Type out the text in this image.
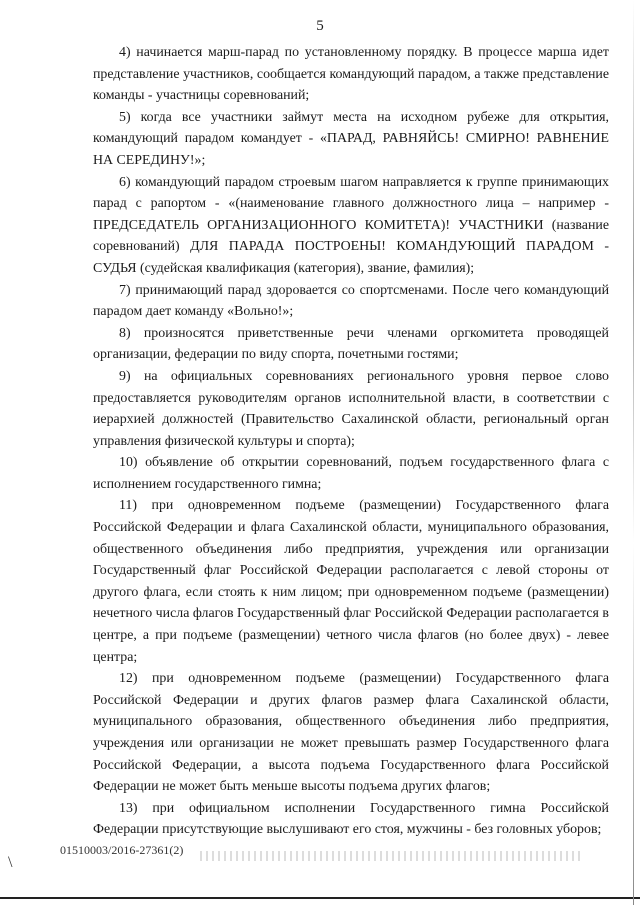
5

4) начинается марш-парад по установленному порядку. В процессе марша идет представление участников, сообщается командующий парадом, а также представление команды - участницы соревнований;

5) когда все участники займут места на исходном рубеже для открытия, командующий парадом командует - «ПАРАД, РАВНЯЙСЬ! СМИРНО! РАВНЕНИЕ НА СЕРЕДИНУ!»;

6) командующий парадом строевым шагом направляется к группе принимающих парад с рапортом - «(наименование главного должностного лица – например - ПРЕДСЕДАТЕЛЬ ОРГАНИЗАЦИОННОГО КОМИТЕТА)! УЧАСТНИКИ (название соревнований) ДЛЯ ПАРАДА ПОСТРОЕНЫ! КОМАНДУЮЩИЙ ПАРАДОМ - СУДЬЯ (судейская квалификация (категория), звание, фамилия);

7) принимающий парад здоровается со спортсменами. После чего командующий парадом дает команду «Вольно!»;

8) произносятся приветственные речи членами оргкомитета проводящей организации, федерации по виду спорта, почетными гостями;

9) на официальных соревнованиях регионального уровня первое слово предоставляется руководителям органов исполнительной власти, в соответствии с иерархией должностей (Правительство Сахалинской области, региональный орган управления физической культуры и спорта);

10) объявление об открытии соревнований, подъем государственного флага с исполнением государственного гимна;

11) при одновременном подъеме (размещении) Государственного флага Российской Федерации и флага Сахалинской области, муниципального образования, общественного объединения либо предприятия, учреждения или организации Государственный флаг Российской Федерации располагается с левой стороны от другого флага, если стоять к ним лицом; при одновременном подъеме (размещении) нечетного числа флагов Государственный флаг Российской Федерации располагается в центре, а при подъеме (размещении) четного числа флагов (но более двух) - левее центра;

12) при одновременном подъеме (размещении) Государственного флага Российской Федерации и других флагов размер флага Сахалинской области, муниципального образования, общественного объединения либо предприятия, учреждения или организации не может превышать размер Государственного флага Российской Федерации, а высота подъема Государственного флага Российской Федерации не может быть меньше высоты подъема других флагов;

13) при официальном исполнении Государственного гимна Российской Федерации присутствующие выслушивают его стоя, мужчины - без головных уборов;

01510003/2016-27361(2)
\
